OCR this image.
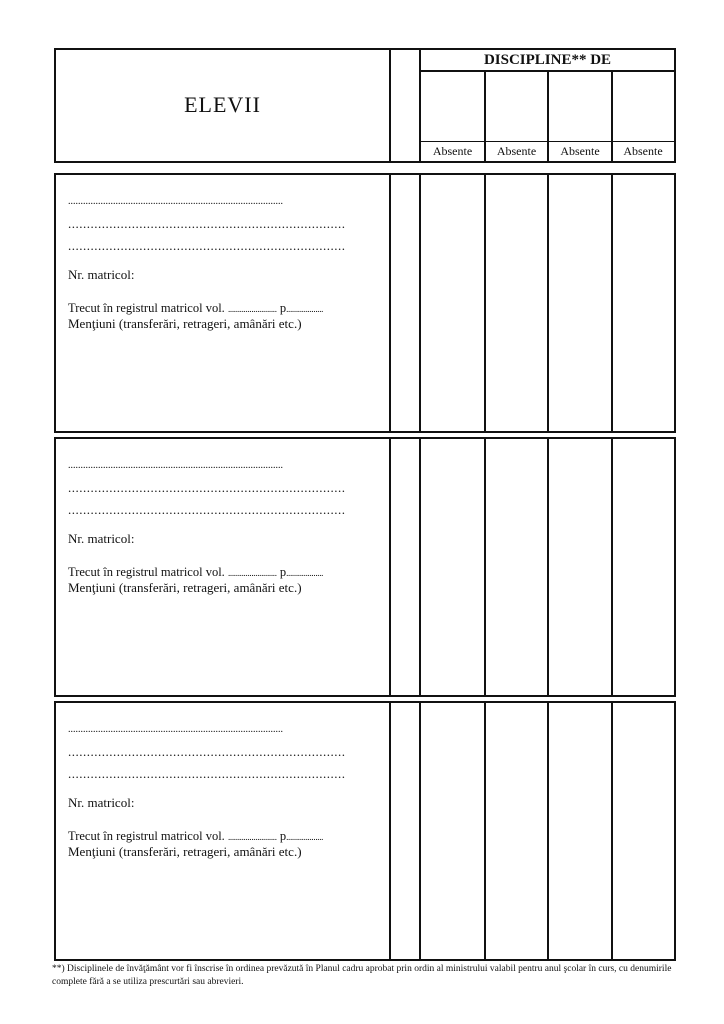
ELEVII
DISCIPLINE** DE
Absente	Absente	Absente	Absente
......................................................................................
..........................................................................
..........................................................................
Nr. matricol:
Trecut în registrul matricol vol. ......................... p...................
Menţiuni (transferări, retrageri, amânări etc.)
......................................................................................
..........................................................................
..........................................................................
Nr. matricol:
Trecut în registrul matricol vol. ......................... p...................
Menţiuni (transferări, retrageri, amânări etc.)
......................................................................................
..........................................................................
..........................................................................
Nr. matricol:
Trecut în registrul matricol vol. ......................... p...................
Menţiuni (transferări, retrageri, amânări etc.)
**) Disciplinele de învăţământ vor fi înscrise în ordinea prevăzută în Planul cadru aprobat prin ordin al ministrului valabil pentru anul şcolar în curs, cu denumirile complete fără a se utiliza prescurtări sau abrevieri.
